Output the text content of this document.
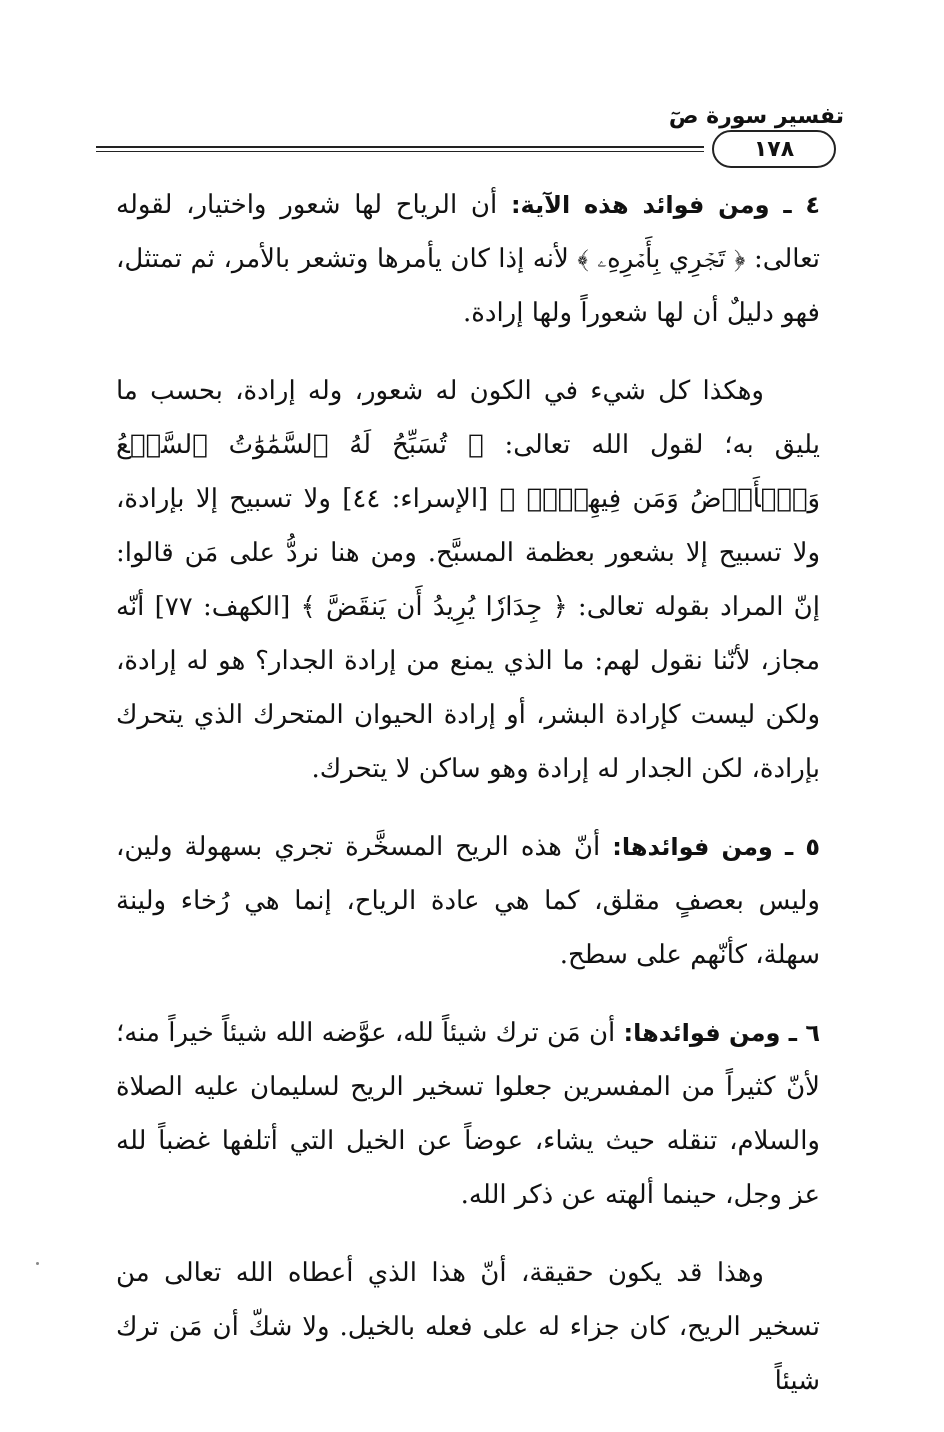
تفسير سورة صٓ
١٧٨

٤ ـ ومن فوائد هذه الآية: أن الرياح لها شعور واختيار، لقوله تعالى: ﴿ تَجۡرِي بِأَمۡرِهِۦ ﴾ لأنه إذا كان يأمرها وتشعر بالأمر، ثم تمتثل، فهو دليلٌ أن لها شعوراً ولها إرادة.

وهكذا كل شيء في الكون له شعور، وله إرادة، بحسب ما يليق به؛ لقول الله تعالى: ﴿ تُسَبِّحُ لَهُ ٱلسَّمَٰوَٰتُ ٱلسَّبۡعُ وَٱلۡأَرۡضُ وَمَن فِيهِنَّۚ ﴾ [الإسراء: ٤٤] ولا تسبيح إلا بإرادة، ولا تسبيح إلا بشعور بعظمة المسبَّح. ومن هنا نردُّ على مَن قالوا: إنّ المراد بقوله تعالى: ﴿ جِدَارٗا يُرِيدُ أَن يَنقَضَّ ﴾ [الكهف: ٧٧] أنّه مجاز، لأنّنا نقول لهم: ما الذي يمنع من إرادة الجدار؟ هو له إرادة، ولكن ليست كإرادة البشر، أو إرادة الحيوان المتحرك الذي يتحرك بإرادة، لكن الجدار له إرادة وهو ساكن لا يتحرك.

٥ ـ ومن فوائدها: أنّ هذه الريح المسخَّرة تجري بسهولة ولين، وليس بعصفٍ مقلق، كما هي عادة الرياح، إنما هي رُخاء ولينة سهلة، كأنّهم على سطح.

٦ ـ ومن فوائدها: أن مَن ترك شيئاً لله، عوَّضه الله شيئاً خيراً منه؛ لأنّ كثيراً من المفسرين جعلوا تسخير الريح لسليمان عليه الصلاة والسلام، تنقله حيث يشاء، عوضاً عن الخيل التي أتلفها غضباً لله عز وجل، حينما ألهته عن ذكر الله.

وهذا قد يكون حقيقة، أنّ هذا الذي أعطاه الله تعالى من تسخير الريح، كان جزاء له على فعله بالخيل. ولا شكّ أن مَن ترك شيئاً
